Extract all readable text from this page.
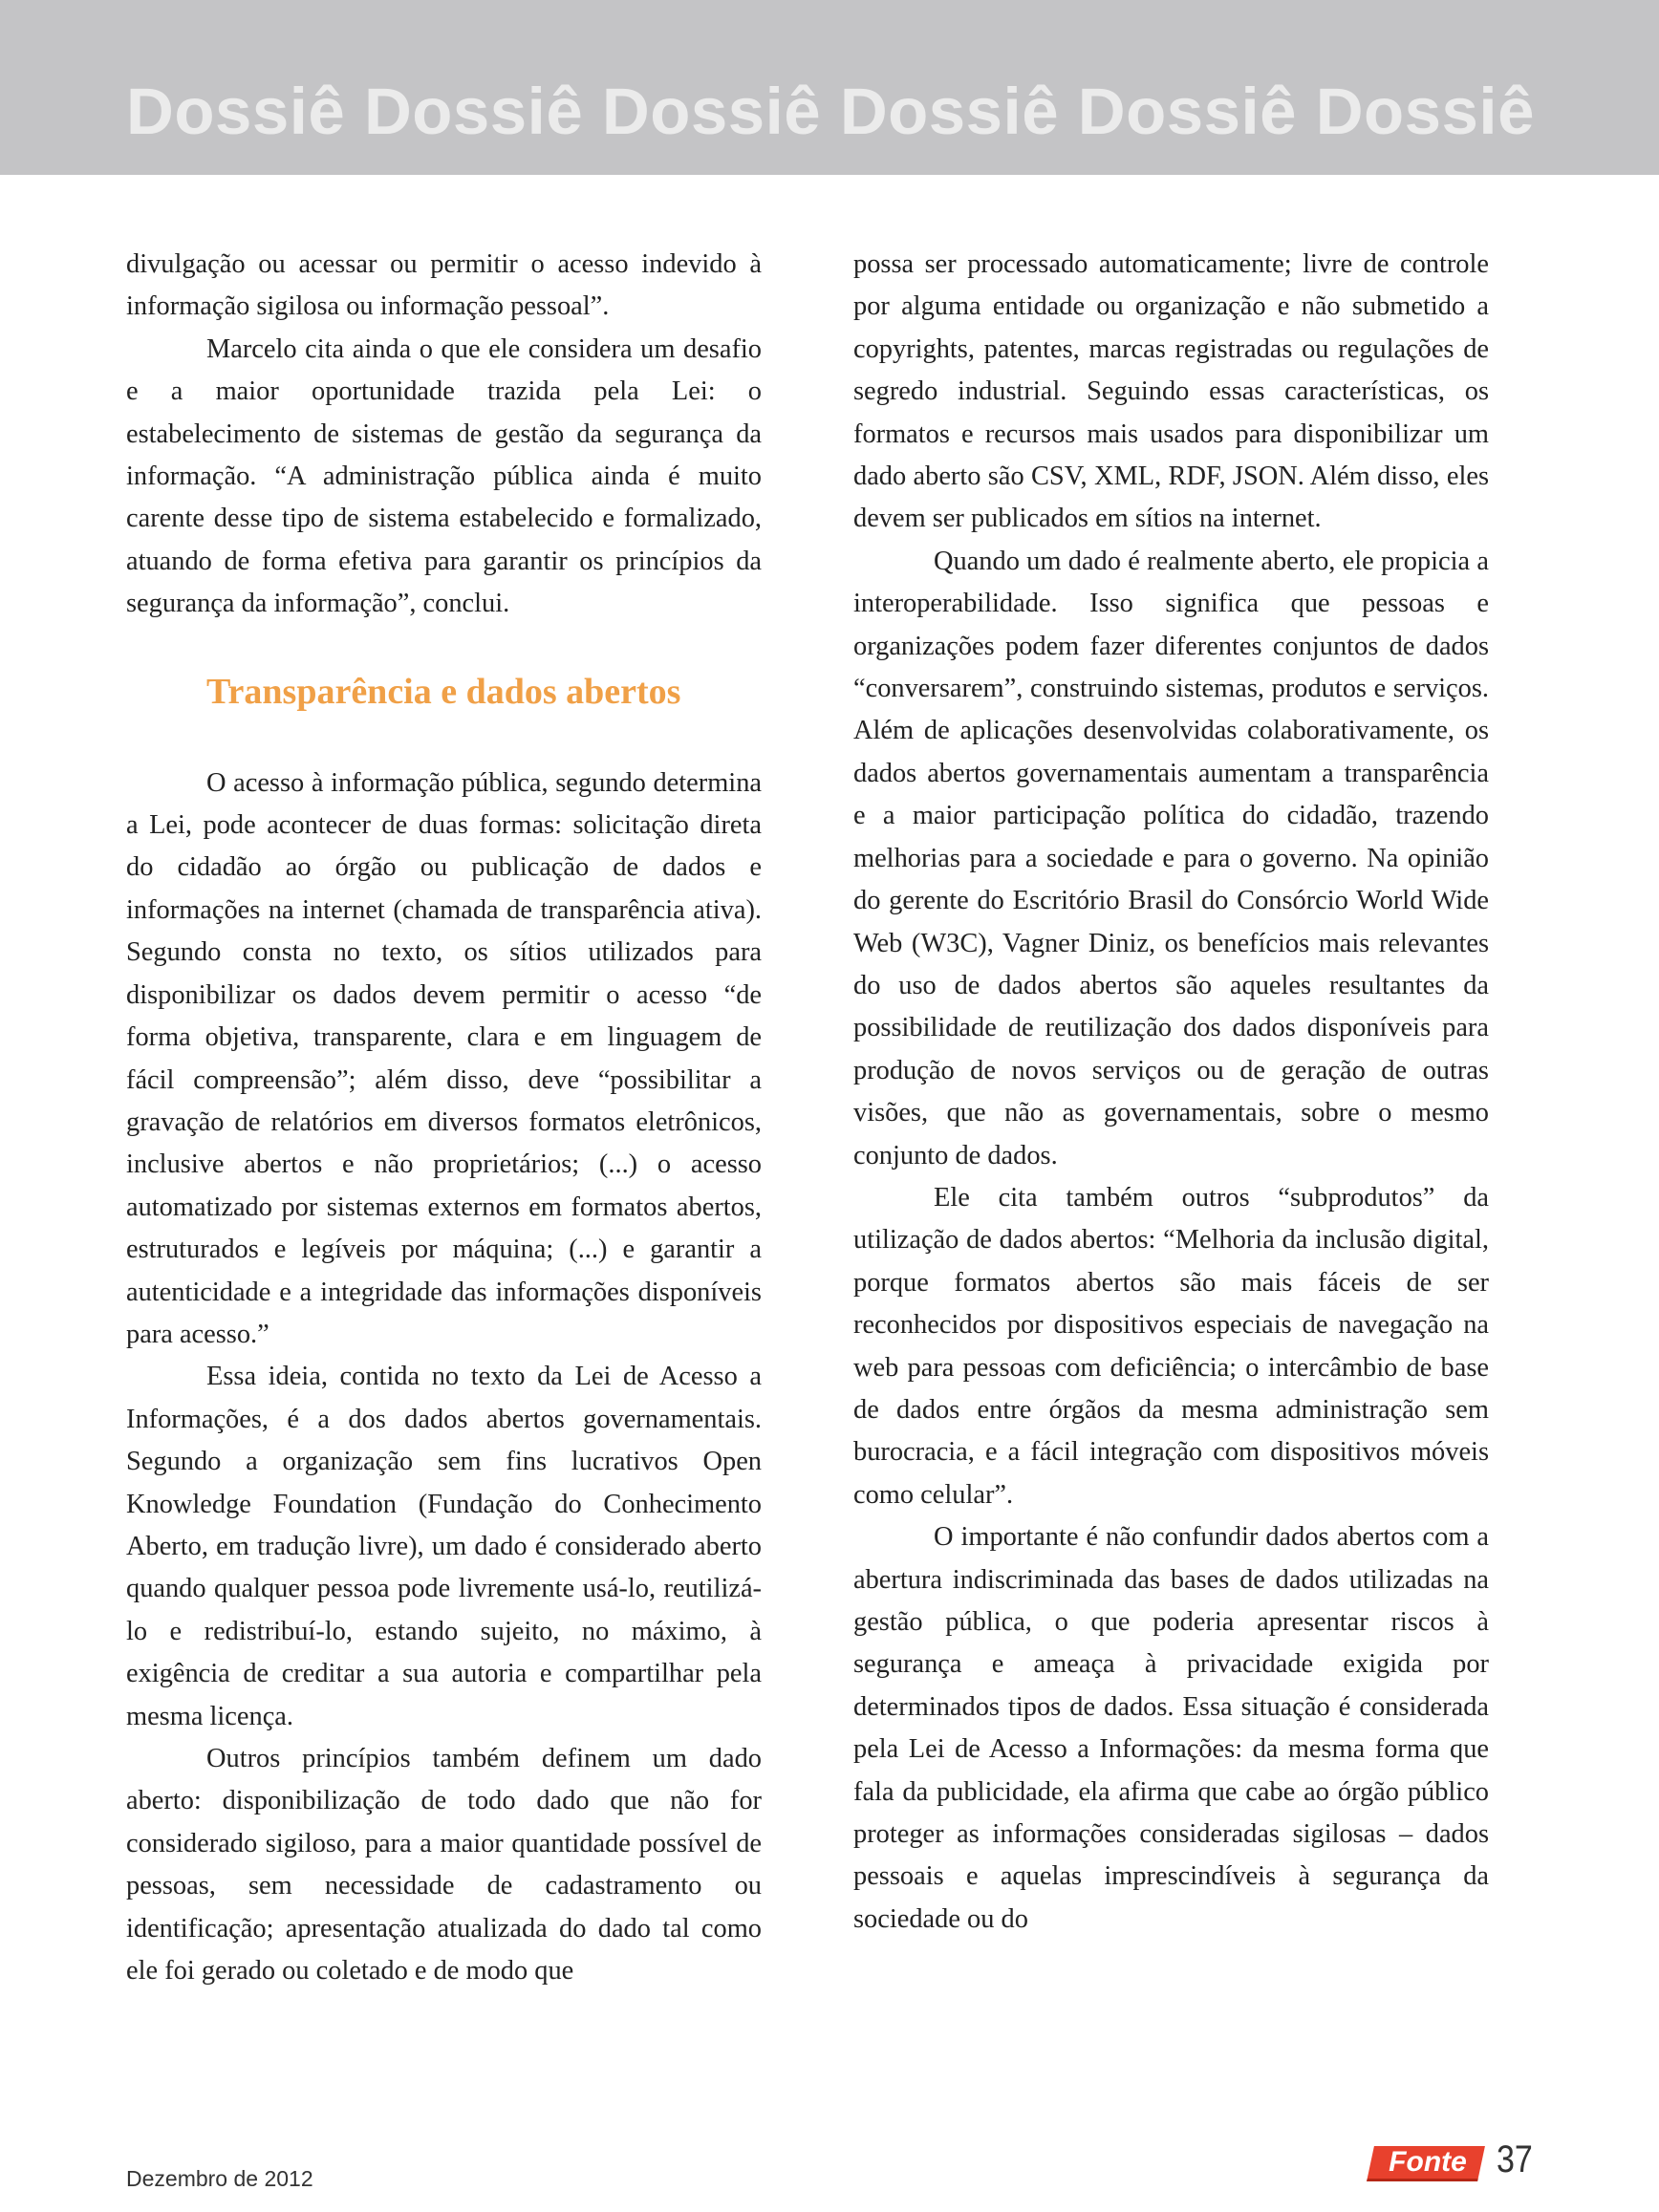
Dossiê Dossiê Dossiê Dossiê Dossiê Dossiê

divulgação ou acessar ou permitir o acesso indevido à informação sigilosa ou informação pessoal”.

Marcelo cita ainda o que ele considera um desafio e a maior oportunidade trazida pela Lei: o estabelecimento de sistemas de gestão da segurança da informação. “A administração pública ainda é muito carente desse tipo de sistema estabelecido e formalizado, atuando de forma efetiva para garantir os princípios da segurança da informação”, conclui.

Transparência e dados abertos

O acesso à informação pública, segundo determina a Lei, pode acontecer de duas formas: solicitação direta do cidadão ao órgão ou publicação de dados e informações na internet (chamada de transparência ativa). Segundo consta no texto, os sítios utilizados para disponibilizar os dados devem permitir o acesso “de forma objetiva, transparente, clara e em linguagem de fácil compreensão”; além disso, deve “possibilitar a gravação de relatórios em diversos formatos eletrônicos, inclusive abertos e não proprietários; (...) o acesso automatizado por sistemas externos em formatos abertos, estruturados e legíveis por máquina; (...) e garantir a autenticidade e a integridade das informações disponíveis para acesso.”

Essa ideia, contida no texto da Lei de Acesso a Informações, é a dos dados abertos governamentais. Segundo a organização sem fins lucrativos Open Knowledge Foundation (Fundação do Conhecimento Aberto, em tradução livre), um dado é considerado aberto quando qualquer pessoa pode livremente usá-lo, reutilizá-lo e redistribuí-lo, estando sujeito, no máximo, à exigência de creditar a sua autoria e compartilhar pela mesma licença.

Outros princípios também definem um dado aberto: disponibilização de todo dado que não for considerado sigiloso, para a maior quantidade possível de pessoas, sem necessidade de cadastramento ou identificação; apresentação atualizada do dado tal como ele foi gerado ou coletado e de modo que

possa ser processado automaticamente; livre de controle por alguma entidade ou organização e não submetido a copyrights, patentes, marcas registradas ou regulações de segredo industrial. Seguindo essas características, os formatos e recursos mais usados para disponibilizar um dado aberto são CSV, XML, RDF, JSON. Além disso, eles devem ser publicados em sítios na internet.

Quando um dado é realmente aberto, ele propicia a interoperabilidade. Isso significa que pessoas e organizações podem fazer diferentes conjuntos de dados “conversarem”, construindo sistemas, produtos e serviços. Além de aplicações desenvolvidas colaborativamente, os dados abertos governamentais aumentam a transparência e a maior participação política do cidadão, trazendo melhorias para a sociedade e para o governo. Na opinião do gerente do Escritório Brasil do Consórcio World Wide Web (W3C), Vagner Diniz, os benefícios mais relevantes do uso de dados abertos são aqueles resultantes da possibilidade de reutilização dos dados disponíveis para produção de novos serviços ou de geração de outras visões, que não as governamentais, sobre o mesmo conjunto de dados.

Ele cita também outros “subprodutos” da utilização de dados abertos: “Melhoria da inclusão digital, porque formatos abertos são mais fáceis de ser reconhecidos por dispositivos especiais de navegação na web para pessoas com deficiência; o intercâmbio de base de dados entre órgãos da mesma administração sem burocracia, e a fácil integração com dispositivos móveis como celular”.

O importante é não confundir dados abertos com a abertura indiscriminada das bases de dados utilizadas na gestão pública, o que poderia apresentar riscos à segurança e ameaça à privacidade exigida por determinados tipos de dados. Essa situação é considerada pela Lei de Acesso a Informações: da mesma forma que fala da publicidade, ela afirma que cabe ao órgão público proteger as informações consideradas sigilosas – dados pessoais e aquelas imprescindíveis à segurança da sociedade ou do

Dezembro de 2012
Fonte 37
